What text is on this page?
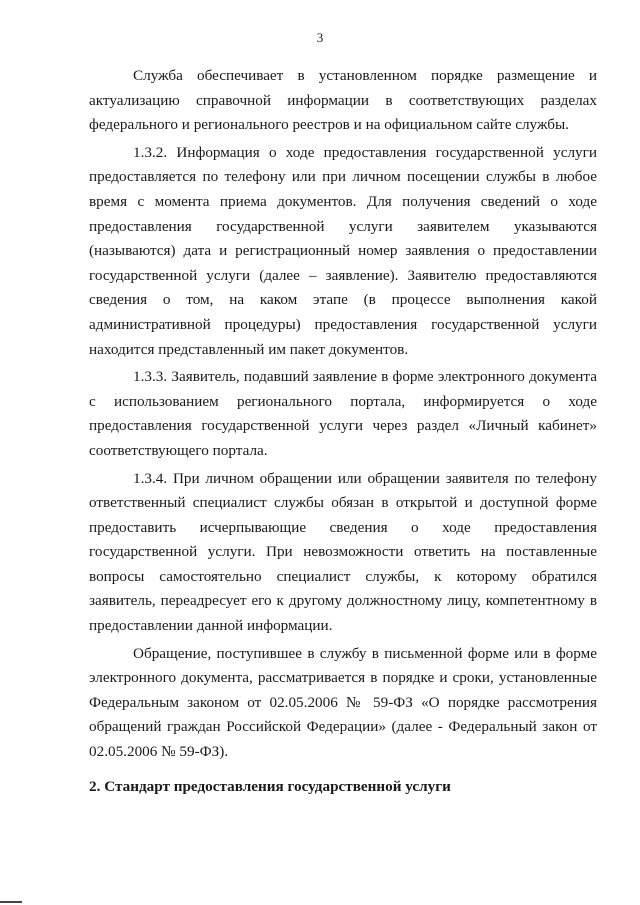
3

Служба обеспечивает в установленном порядке размещение и актуализацию справочной информации в соответствующих разделах федерального и регионального реестров и на официальном сайте службы.

1.3.2. Информация о ходе предоставления государственной услуги предоставляется по телефону или при личном посещении службы в любое время с момента приема документов. Для получения сведений о ходе предоставления государственной услуги заявителем указываются (называются) дата и регистрационный номер заявления о предоставлении государственной услуги (далее – заявление). Заявителю предоставляются сведения о том, на каком этапе (в процессе выполнения какой административной процедуры) предоставления государственной услуги находится представленный им пакет документов.

1.3.3. Заявитель, подавший заявление в форме электронного документа с использованием регионального портала, информируется о ходе предоставления государственной услуги через раздел «Личный кабинет» соответствующего портала.

1.3.4. При личном обращении или обращении заявителя по телефону ответственный специалист службы обязан в открытой и доступной форме предоставить исчерпывающие сведения о ходе предоставления государственной услуги. При невозможности ответить на поставленные вопросы самостоятельно специалист службы, к которому обратился заявитель, переадресует его к другому должностному лицу, компетентному в предоставлении данной информации.

Обращение, поступившее в службу в письменной форме или в форме электронного документа, рассматривается в порядке и сроки, установленные Федеральным законом от 02.05.2006 № 59-ФЗ «О порядке рассмотрения обращений граждан Российской Федерации» (далее - Федеральный закон от 02.05.2006 № 59-ФЗ).

2. Стандарт предоставления государственной услуги
